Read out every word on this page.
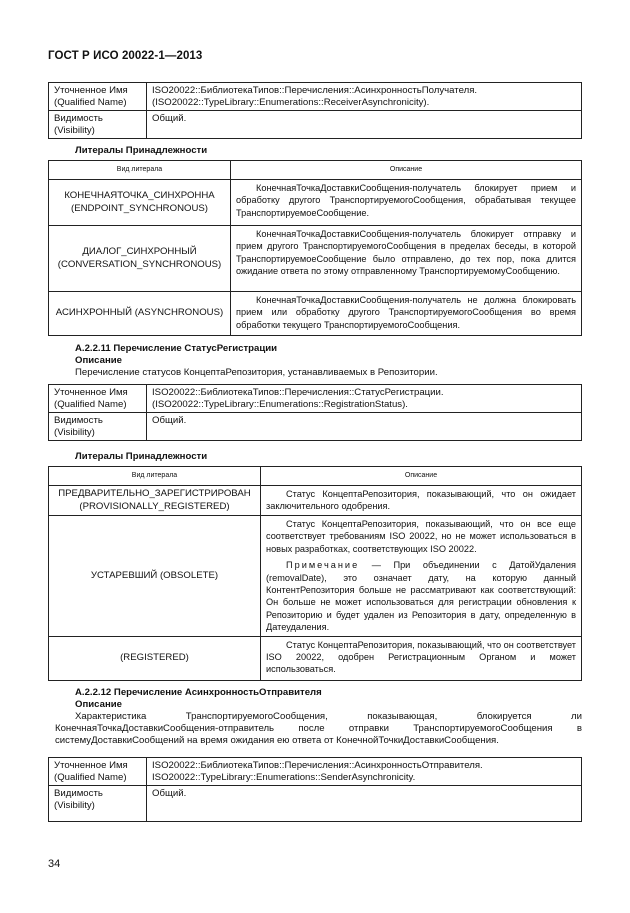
ГОСТ Р ИСО 20022-1—2013
Уточненное Имя (Qualified Name)	ISO20022::БиблиотекаТипов::Перечисления::АсинхронностьПолучателя. (ISO20022::TypeLibrary::Enumerations::ReceiverAsynchronicity).
Видимость (Visibility)	Общий.
Литералы Принадлежности
Вид литерала	Описание
КОНЕЧНАЯТОЧКА_СИНХРОННА (ENDPOINT_SYNCHRONOUS)	КонечнаяТочкаДоставкиСообщения-получатель блокирует прием и обработку другого ТранспортируемогоСообщения, обрабатывая текущее ТранспортируемоеСообщение.
ДИАЛОГ_СИНХРОННЫЙ (CONVERSATION_SYNCHRONOUS)	КонечнаяТочкаДоставкиСообщения-получатель блокирует отправку и прием другого ТранспортируемогоСообщения в пределах беседы, в которой ТранспортируемоеСообщение было отправлено, до тех пор, пока длится ожидание ответа по этому отправленному ТранспортируемомуСообщению.
АСИНХРОННЫЙ (ASYNCHRONOUS)	КонечнаяТочкаДоставкиСообщения-получатель не должна блокировать прием или обработку другого ТранспортируемогоСообщения во время обработки текущего ТранспортируемогоСообщения.
А.2.2.11 Перечисление СтатусРегистрации
Описание
Перечисление статусов КонцептаРепозитория, устанавливаемых в Репозитории.
Уточненное Имя (Qualified Name)	ISO20022::БиблиотекаТипов::Перечисления::СтатусРегистрации. (ISO20022::TypeLibrary::Enumerations::RegistrationStatus).
Видимость (Visibility)	Общий.
Литералы Принадлежности
Вид литерала	Описание
ПРЕДВАРИТЕЛЬНО_ЗАРЕГИСТРИРОВАН (PROVISIONALLY_REGISTERED)	Статус КонцептаРепозитория, показывающий, что он ожидает заключительного одобрения.
УСТАРЕВШИЙ (OBSOLETE)	Статус КонцептаРепозитория, показывающий, что он все еще соответствует требованиям ISO 20022, но не может использоваться в новых разработках, соответствующих ISO 20022.

Примечание — При объединении с ДатойУдаления (removalDate), это означает дату, на которую данный КонтентРепозитория больше не рассматривают как соответствующий: Он больше не может использоваться для регистрации обновления к Репозиторию и будет удален из Репозитория в дату, определенную в Датеудаления.

(REGISTERED)	Статус КонцептаРепозитория, показывающий, что он соответствует ISO 20022, одобрен Регистрационным Органом и может использоваться.
А.2.2.12 Перечисление АсинхронностьОтправителя
Описание
Характеристика ТранспортируемогоСообщения, показывающая, блокируется ли КонечнаяТочкаДоставкиСообщения-отправитель после отправки ТранспортируемогоСообщения в системуДоставкиСообщений на время ожидания ею ответа от КонечнойТочкиДоставкиСообщения.
Уточненное Имя (Qualified Name)	ISO20022::БиблиотекаТипов::Перечисления::АсинхронностьОтправителя. ISO20022::TypeLibrary::Enumerations::SenderAsynchronicity.
Видимость (Visibility)	Общий.
34
